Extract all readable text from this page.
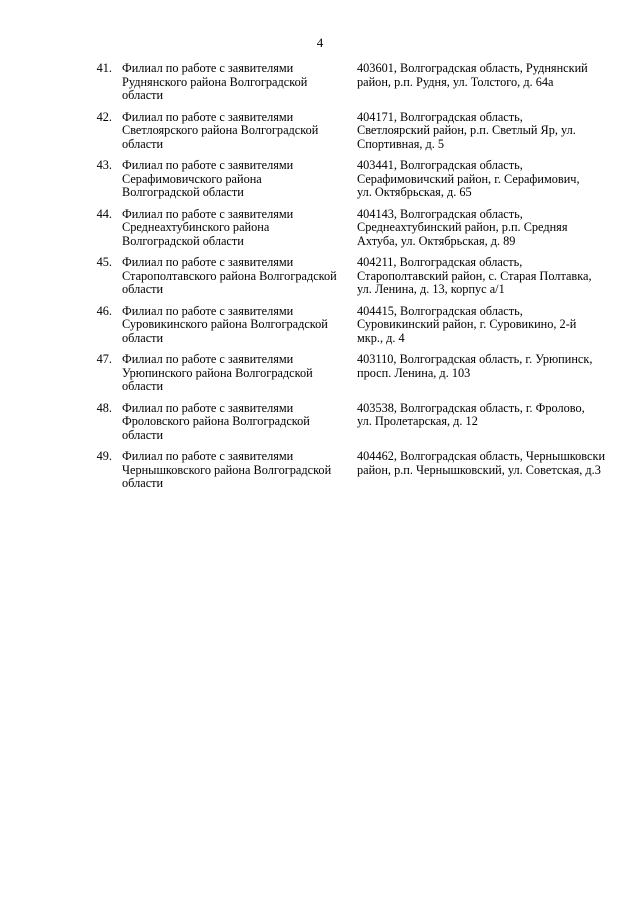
4
41. Филиал по работе с заявителями
Руднянского района Волгоградской
области
403601, Волгоградская область, Руднянский
район, р.п. Рудня, ул. Толстого, д. 64а
42. Филиал по работе с заявителями
Светлоярского района Волгоградской
области
404171, Волгоградская область,
Светлоярский район, р.п. Светлый Яр, ул.
Спортивная, д. 5
43. Филиал по работе с заявителями
Серафимовичского района
Волгоградской области
403441, Волгоградская область,
Серафимовичский район, г. Серафимович,
ул. Октябрьская, д. 65
44. Филиал по работе с заявителями
Среднеахтубинского района
Волгоградской области
404143, Волгоградская область,
Среднеахтубинский район, р.п. Средняя
Ахтуба, ул. Октябрьская, д. 89
45. Филиал по работе с заявителями
Старополтавского района Волгоградской
области
404211, Волгоградская область,
Старополтавский район, с. Старая Полтавка,
ул. Ленина, д. 13, корпус а/1
46. Филиал по работе с заявителями
Суровикинского района Волгоградской
области
404415, Волгоградская область,
Суровикинский район, г. Суровикино, 2-й
мкр., д. 4
47. Филиал по работе с заявителями
Урюпинского района Волгоградской
области
403110, Волгоградская область, г. Урюпинск,
просп. Ленина, д. 103
48. Филиал по работе с заявителями
Фроловского района Волгоградской
области
403538, Волгоградская область, г. Фролово,
ул. Пролетарская, д. 12
49. Филиал по работе с заявителями
Чернышковского района Волгоградской
области
404462, Волгоградская область, Чернышковски
район, р.п. Чернышковский, ул. Советская, д.3
